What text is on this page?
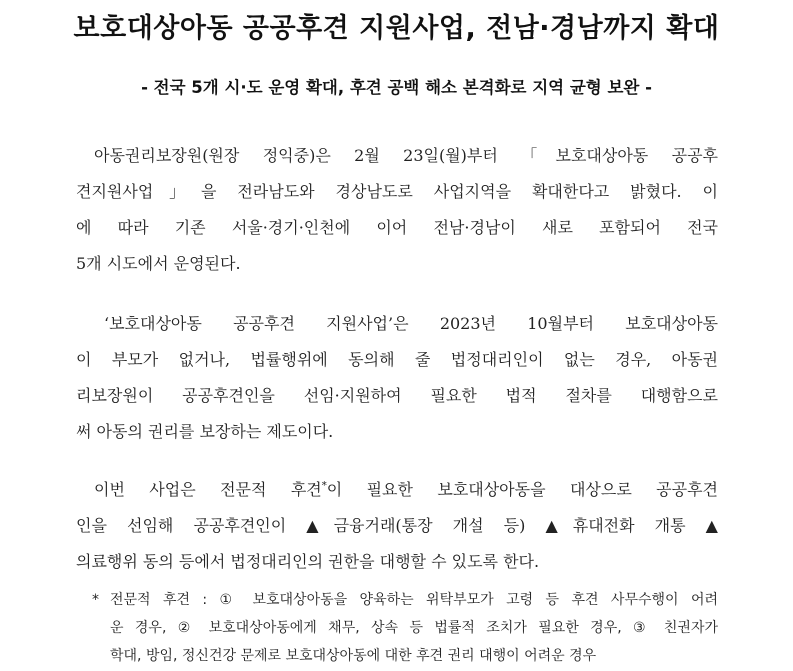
보호대상아동 공공후견 지원사업, 전남·경남까지 확대
- 전국 5개 시·도 운영 확대, 후견 공백 해소 본격화로 지역 균형 보완 -
아동권리보장원(원장 정익중)은 2월 23일(월)부터 「보호대상아동 공공후
견지원사업」을 전라남도와 경상남도로 사업지역을 확대한다고 밝혔다. 이
에 따라 기존 서울·경기·인천에 이어 전남·경남이 새로 포함되어 전국
5개 시도에서 운영된다.
‘보호대상아동 공공후견 지원사업’은 2023년 10월부터 보호대상아동
이 부모가 없거나, 법률행위에 동의해 줄 법정대리인이 없는 경우, 아동권
리보장원이 공공후견인을 선임·지원하여 필요한 법적 절차를 대행함으로
써 아동의 권리를 보장하는 제도이다.
이번 사업은 전문적 후견*이 필요한 보호대상아동을 대상으로 공공후견
인을 선임해 공공후견인이 ▲금융거래(통장 개설 등) ▲휴대전화 개통 ▲
의료행위 동의 등에서 법정대리인의 권한을 대행할 수 있도록 한다.
* 전문적 후견 : ① 보호대상아동을 양육하는 위탁부모가 고령 등 후견 사무수행이 어려
운 경우, ② 보호대상아동에게 채무, 상속 등 법률적 조치가 필요한 경우, ③ 친권자가
학대, 방임, 정신건강 문제로 보호대상아동에 대한 후견 권리 대행이 어려운 경우
